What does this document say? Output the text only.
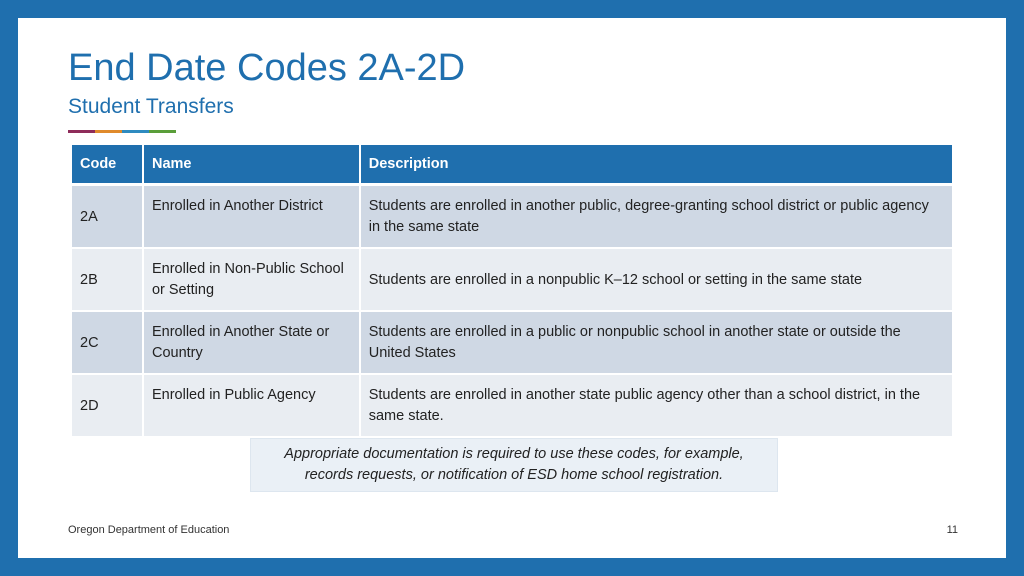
End Date Codes 2A-2D
Student Transfers
Code	Name	Description
2A	Enrolled in Another District	Students are enrolled in another public, degree-granting school district or public agency in the same state
2B	Enrolled in Non-Public School or Setting	Students are enrolled in a nonpublic K–12 school or setting in the same state
2C	Enrolled in Another State or Country	Students are enrolled in a public or nonpublic school in another state or outside the United States
2D	Enrolled in Public Agency	Students are enrolled in another state public agency other than a school district, in the same state.
Appropriate documentation is required to use these codes, for example, records requests, or notification of ESD home school registration.
Oregon Department of Education	11
